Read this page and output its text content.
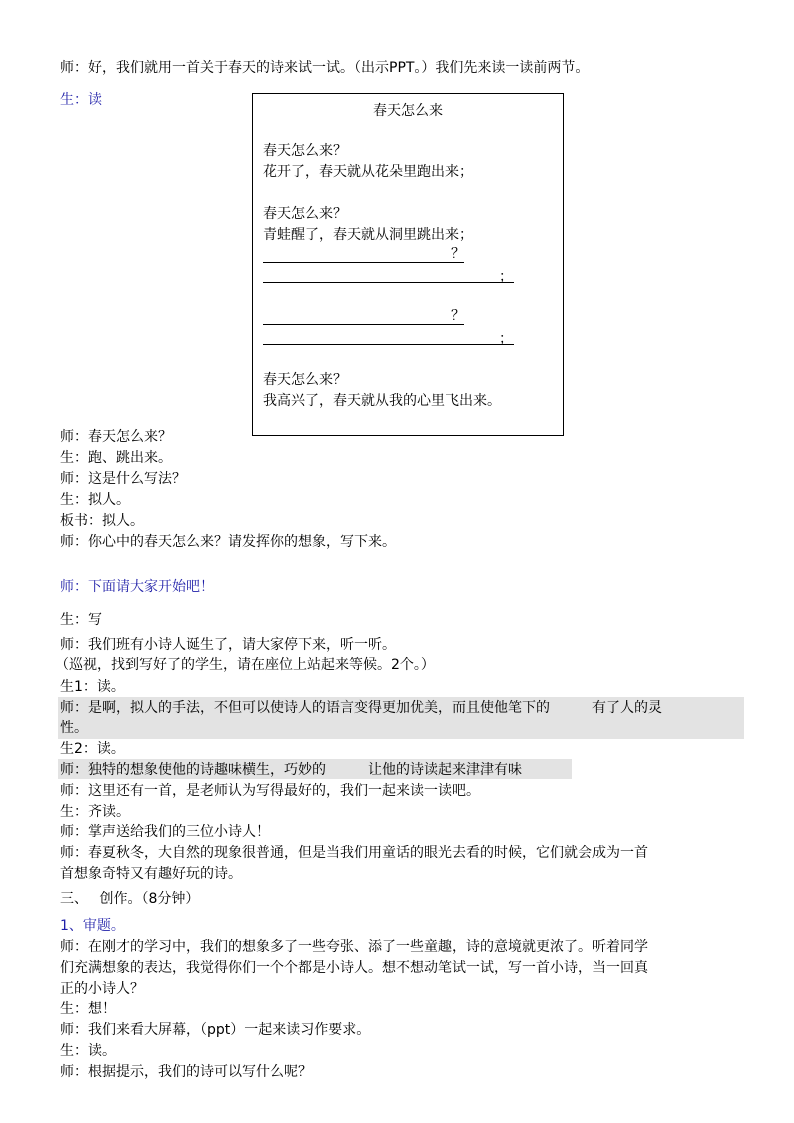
师：好，我们就用一首关于春天的诗来试一试。（出示PPT。）我们先来读一读前两节。
生：读
春天怎么来
春天怎么来？
花开了，春天就从花朵里跑出来；
春天怎么来？
青蛙醒了，春天就从洞里跳出来；
？
；
？
；
春天怎么来？
我高兴了，春天就从我的心里飞出来。
师：春天怎么来？
生：跑、跳出来。
师：这是什么写法？
生：拟人。
板书：拟人。
师：你心中的春天怎么来？请发挥你的想象，写下来。
师：下面请大家开始吧！
生：写
师：我们班有小诗人诞生了，请大家停下来，听一听。
（巡视，找到写好了的学生，请在座位上站起来等候。2个。）
生1：读。
师：是啊，拟人的手法，不但可以使诗人的语言变得更加优美，而且使他笔下的　　　有了人的灵
性。
生2：读。
师：独特的想象使他的诗趣味横生，巧妙的　　　让他的诗读起来津津有味
师：这里还有一首，是老师认为写得最好的，我们一起来读一读吧。
生：齐读。
师：掌声送给我们的三位小诗人！
师：春夏秋冬，大自然的现象很普通，但是当我们用童话的眼光去看的时候，它们就会成为一首
首想象奇特又有趣好玩的诗。
三、　 创作。（8分钟）
1、审题。
师：在刚才的学习中，我们的想象多了一些夸张、添了一些童趣，诗的意境就更浓了。听着同学
们充满想象的表达，我觉得你们一个个都是小诗人。想不想动笔试一试，写一首小诗，当一回真
正的小诗人？
生：想！
师：我们来看大屏幕，（ppt）一起来读习作要求。
生：读。
师：根据提示，我们的诗可以写什么呢？
